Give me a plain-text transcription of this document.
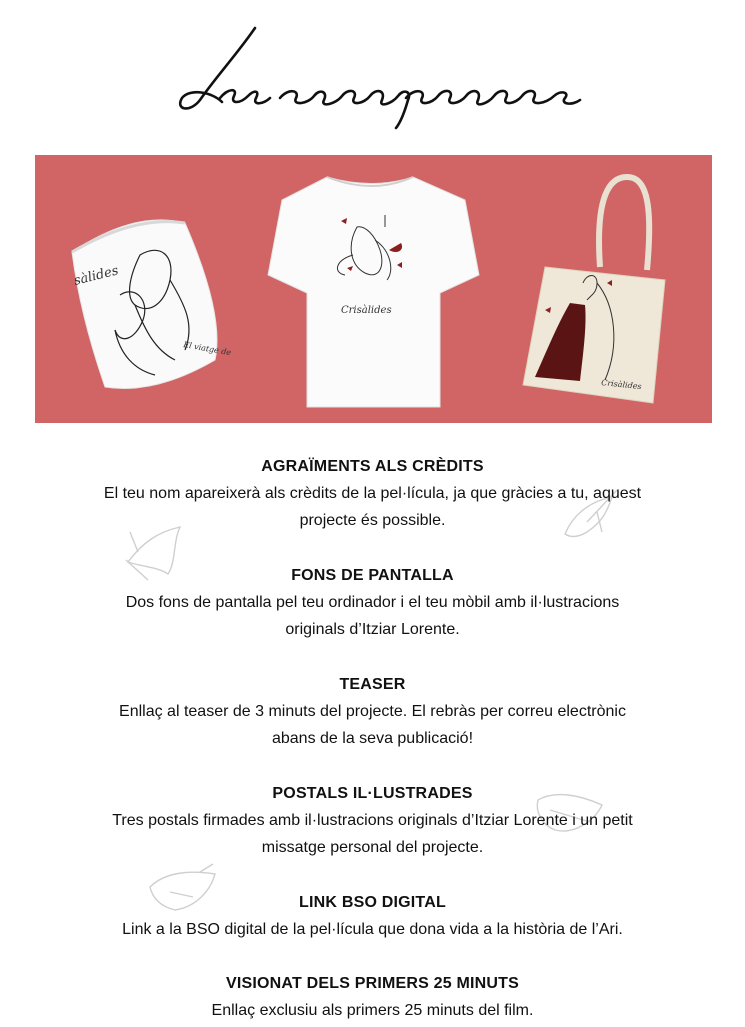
sàlides
El viatge de
Crisàlides
Crisàlides
AGRAÏMENTS ALS CRÈDITS

El teu nom apareixerà als crèdits de la pel·lícula, ja que gràcies a tu, aquest

projecte és possible.

FONS DE PANTALLA

Dos fons de pantalla pel teu ordinador i el teu mòbil amb il·lustracions

originals d’Itziar Lorente.

TEASER

Enllaç al teaser de 3 minuts del projecte. El rebràs per correu electrònic

abans de la seva publicació!

POSTALS IL·LUSTRADES

Tres postals firmades amb il·lustracions originals d’Itziar Lorente i un petit

missatge personal del projecte.

LINK BSO DIGITAL

Link a la BSO digital de la pel·lícula que dona vida a la història de l’Ari.

VISIONAT DELS PRIMERS 25 MINUTS

Enllaç exclusiu als primers 25 minuts del film.
